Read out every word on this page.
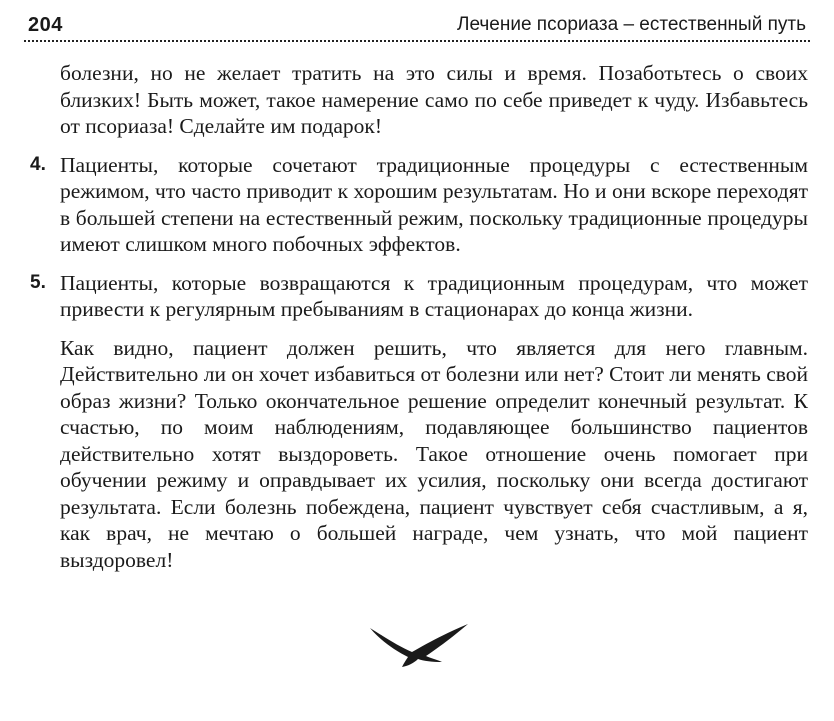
204	Лечение псориаза – естественный путь

болезни, но не желает тратить на это силы и время. Позаботьтесь о своих близких! Быть может, такое намерение само по себе приведет к чуду. Избавьтесь от псориаза! Сделайте им подарок!

4. Пациенты, которые сочетают традиционные процедуры с естественным режимом, что часто приводит к хорошим результатам. Но и они вскоре переходят в большей степени на естественный режим, поскольку традиционные процедуры имеют слишком много побочных эффектов.

5. Пациенты, которые возвращаются к традиционным процедурам, что может привести к регулярным пребываниям в стационарах до конца жизни.

Как видно, пациент должен решить, что является для него главным. Действительно ли он хочет избавиться от болезни или нет? Стоит ли менять свой образ жизни? Только окончательное решение определит конечный результат. К счастью, по моим наблюдениям, подавляющее большинство пациентов действительно хотят выздороветь. Такое отношение очень помогает при обучении режиму и оправдывает их усилия, поскольку они всегда достигают результата. Если болезнь побеждена, пациент чувствует себя счастливым, а я, как врач, не мечтаю о большей награде, чем узнать, что мой пациент выздоровел!
